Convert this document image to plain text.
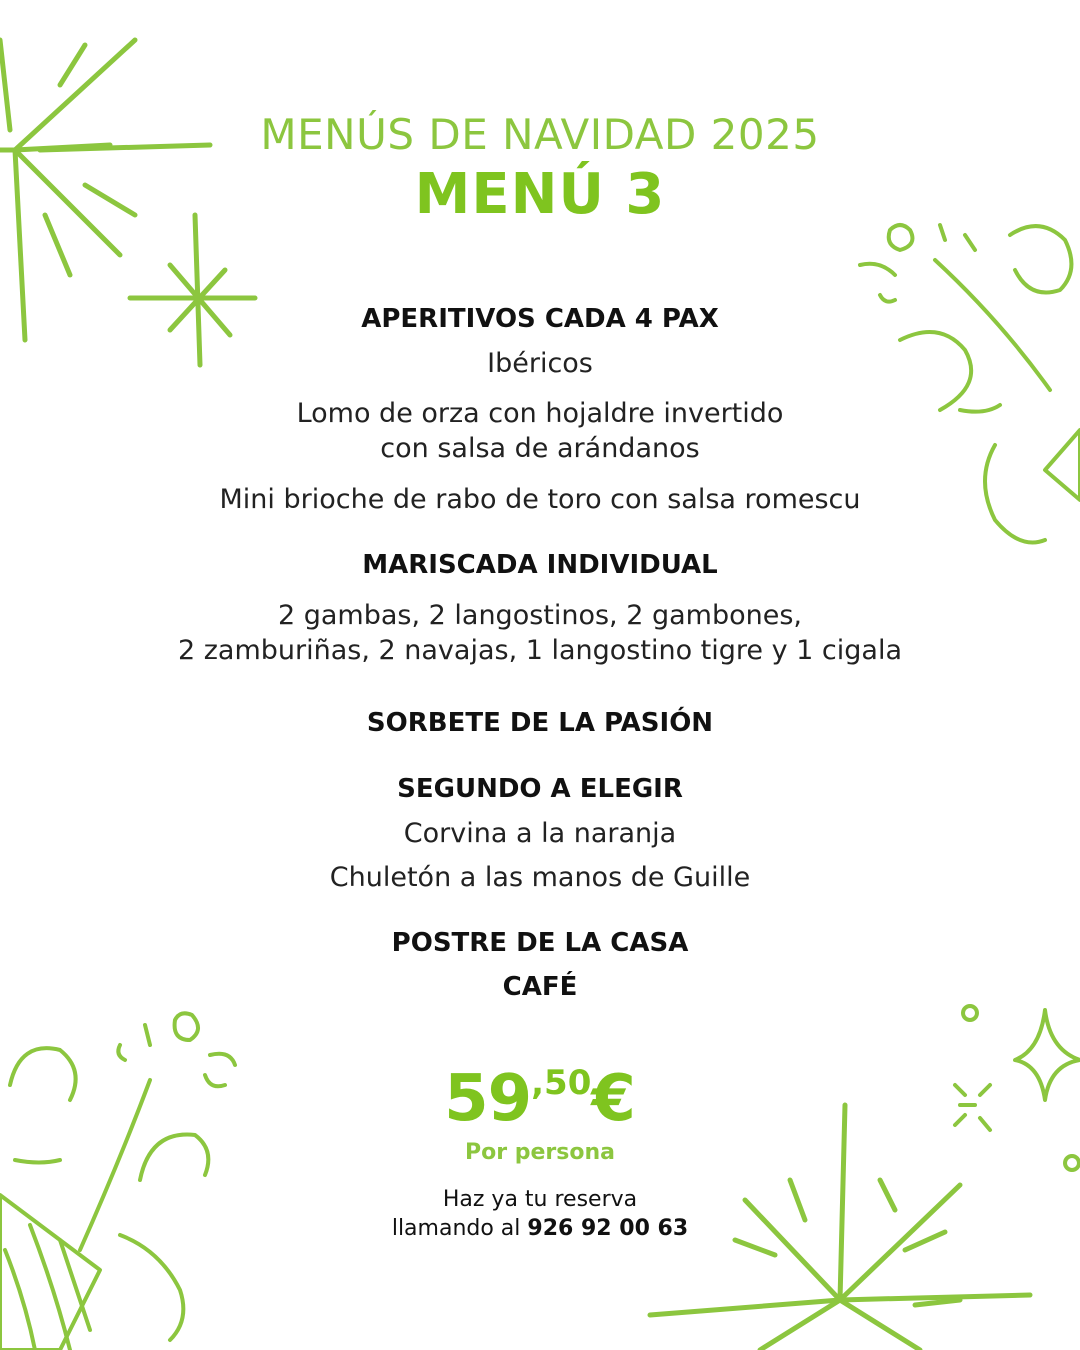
MENÚS DE NAVIDAD 2025
MENÚ 3
APERITIVOS CADA 4 PAX
Ibéricos
Lomo de orza con hojaldre invertido
con salsa de arándanos
Mini brioche de rabo de toro con salsa romescu
MARISCADA INDIVIDUAL
2 gambas, 2 langostinos, 2 gambones,
2 zamburiñas, 2 navajas, 1 langostino tigre y 1 cigala
SORBETE DE LA PASIÓN
SEGUNDO A ELEGIR
Corvina a la naranja
Chuletón a las manos de Guille
POSTRE DE LA CASA
CAFÉ
59,50€
Por persona
Haz ya tu reserva
llamando al 926 92 00 63
